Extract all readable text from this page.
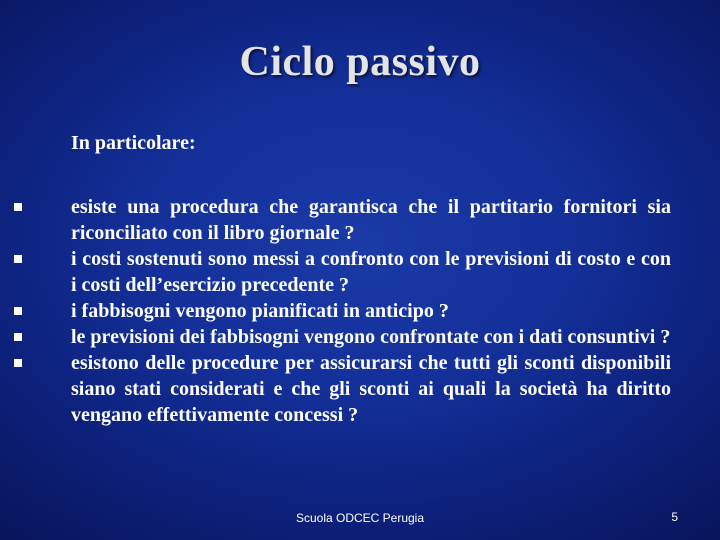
Ciclo passivo
In particolare:
esiste una procedura che garantisca che il partitario fornitori sia riconciliato con il libro giornale ?
i costi sostenuti sono messi a confronto con le previsioni di costo e con i costi dell’esercizio precedente ?
i fabbisogni vengono pianificati in anticipo ?
le previsioni dei fabbisogni vengono confrontate con i dati consuntivi ?
esistono delle procedure per assicurarsi che tutti gli sconti disponibili siano stati considerati e che gli sconti ai quali la società ha diritto vengano effettivamente concessi ?
Scuola ODCEC Perugia	5
